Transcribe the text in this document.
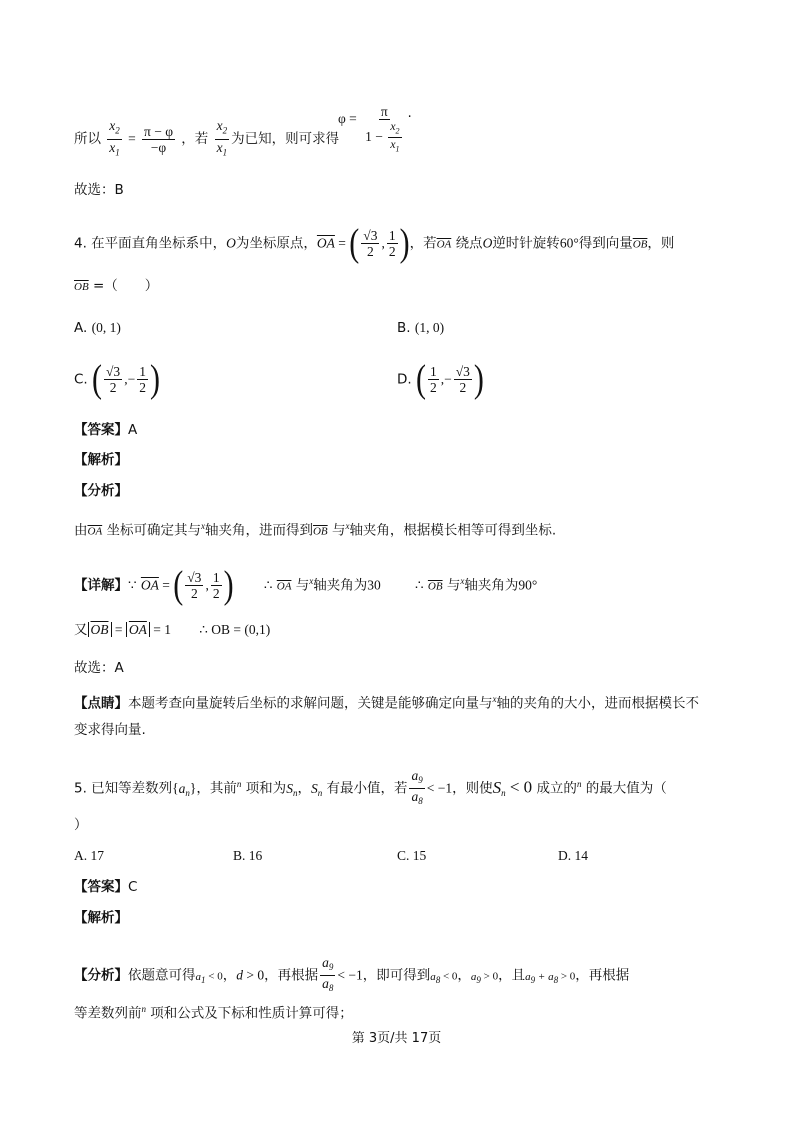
所以 $\frac{x_2}{x_1} = \frac{\pi - \varphi}{-\varphi}$ ，若 $\frac{x_2}{x_1}$ 为已知，则可求得
$\varphi = \frac{\pi}{1 - \frac{x_2}{x_1}}$ .
故选：B
4. 在平面直角坐标系中，O为坐标原点，$\overline{OA}$ = ( $\frac{√3}{2}$ , $\frac{1}{2}$ )，若$\overline{OA}$ 绕点O逆时针旋转60°得到向量$\overline{OB}$，则
$\overline{OB}$ =（　　）
A. (0, 1)	B. (1, 0)
C. ( $\frac{√3}{2}$ ,− $\frac{1}{2}$ )	D. ( $\frac{1}{2}$ ,− $\frac{√3}{2}$ )
【答案】A
【解析】
【分析】
由$\overline{OA}$ 坐标可确定其与$^x$轴夹角，进而得到$\overline{OB}$ 与$^x$轴夹角，根据模长相等可得到坐标.
【详解】∵ $\overline{OA}$ = ( $\frac{√3}{2}$ , $\frac{1}{2}$ ) ∴ $\overline{OA}$ 与$^x$轴夹角为30	∴ $\overline{OB}$ 与$^x$轴夹角为90°
又 $\overline{OB} = \overline{OA} = 1$ ∴ OB = (0,1)
故选：A
【点睛】本题考查向量旋转后坐标的求解问题，关键是能够确定向量与$^x$轴的夹角的大小，进而根据模长不
变求得向量.
5. 已知等差数列$\{a_n\}$，其前$^n$ 项和为$S_n$，$S_n$ 有最小值，若 $\frac{a_9}{a_8} < -1$，则使$S_n < 0$ 成立的$^n$ 的最大值为（
）
A. 17	B. 16	C. 15	D. 14
【答案】C
【解析】
【分析】依题意可得$a_1 < 0$，d > 0，再根据 $\frac{a_9}{a_8} < -1$，即可得到$a_8 < 0$，$a_9 > 0$，且$a_9 + a_8 > 0$，再根据
等差数列前$^n$ 项和公式及下标和性质计算可得；
第 3页/共 17页
